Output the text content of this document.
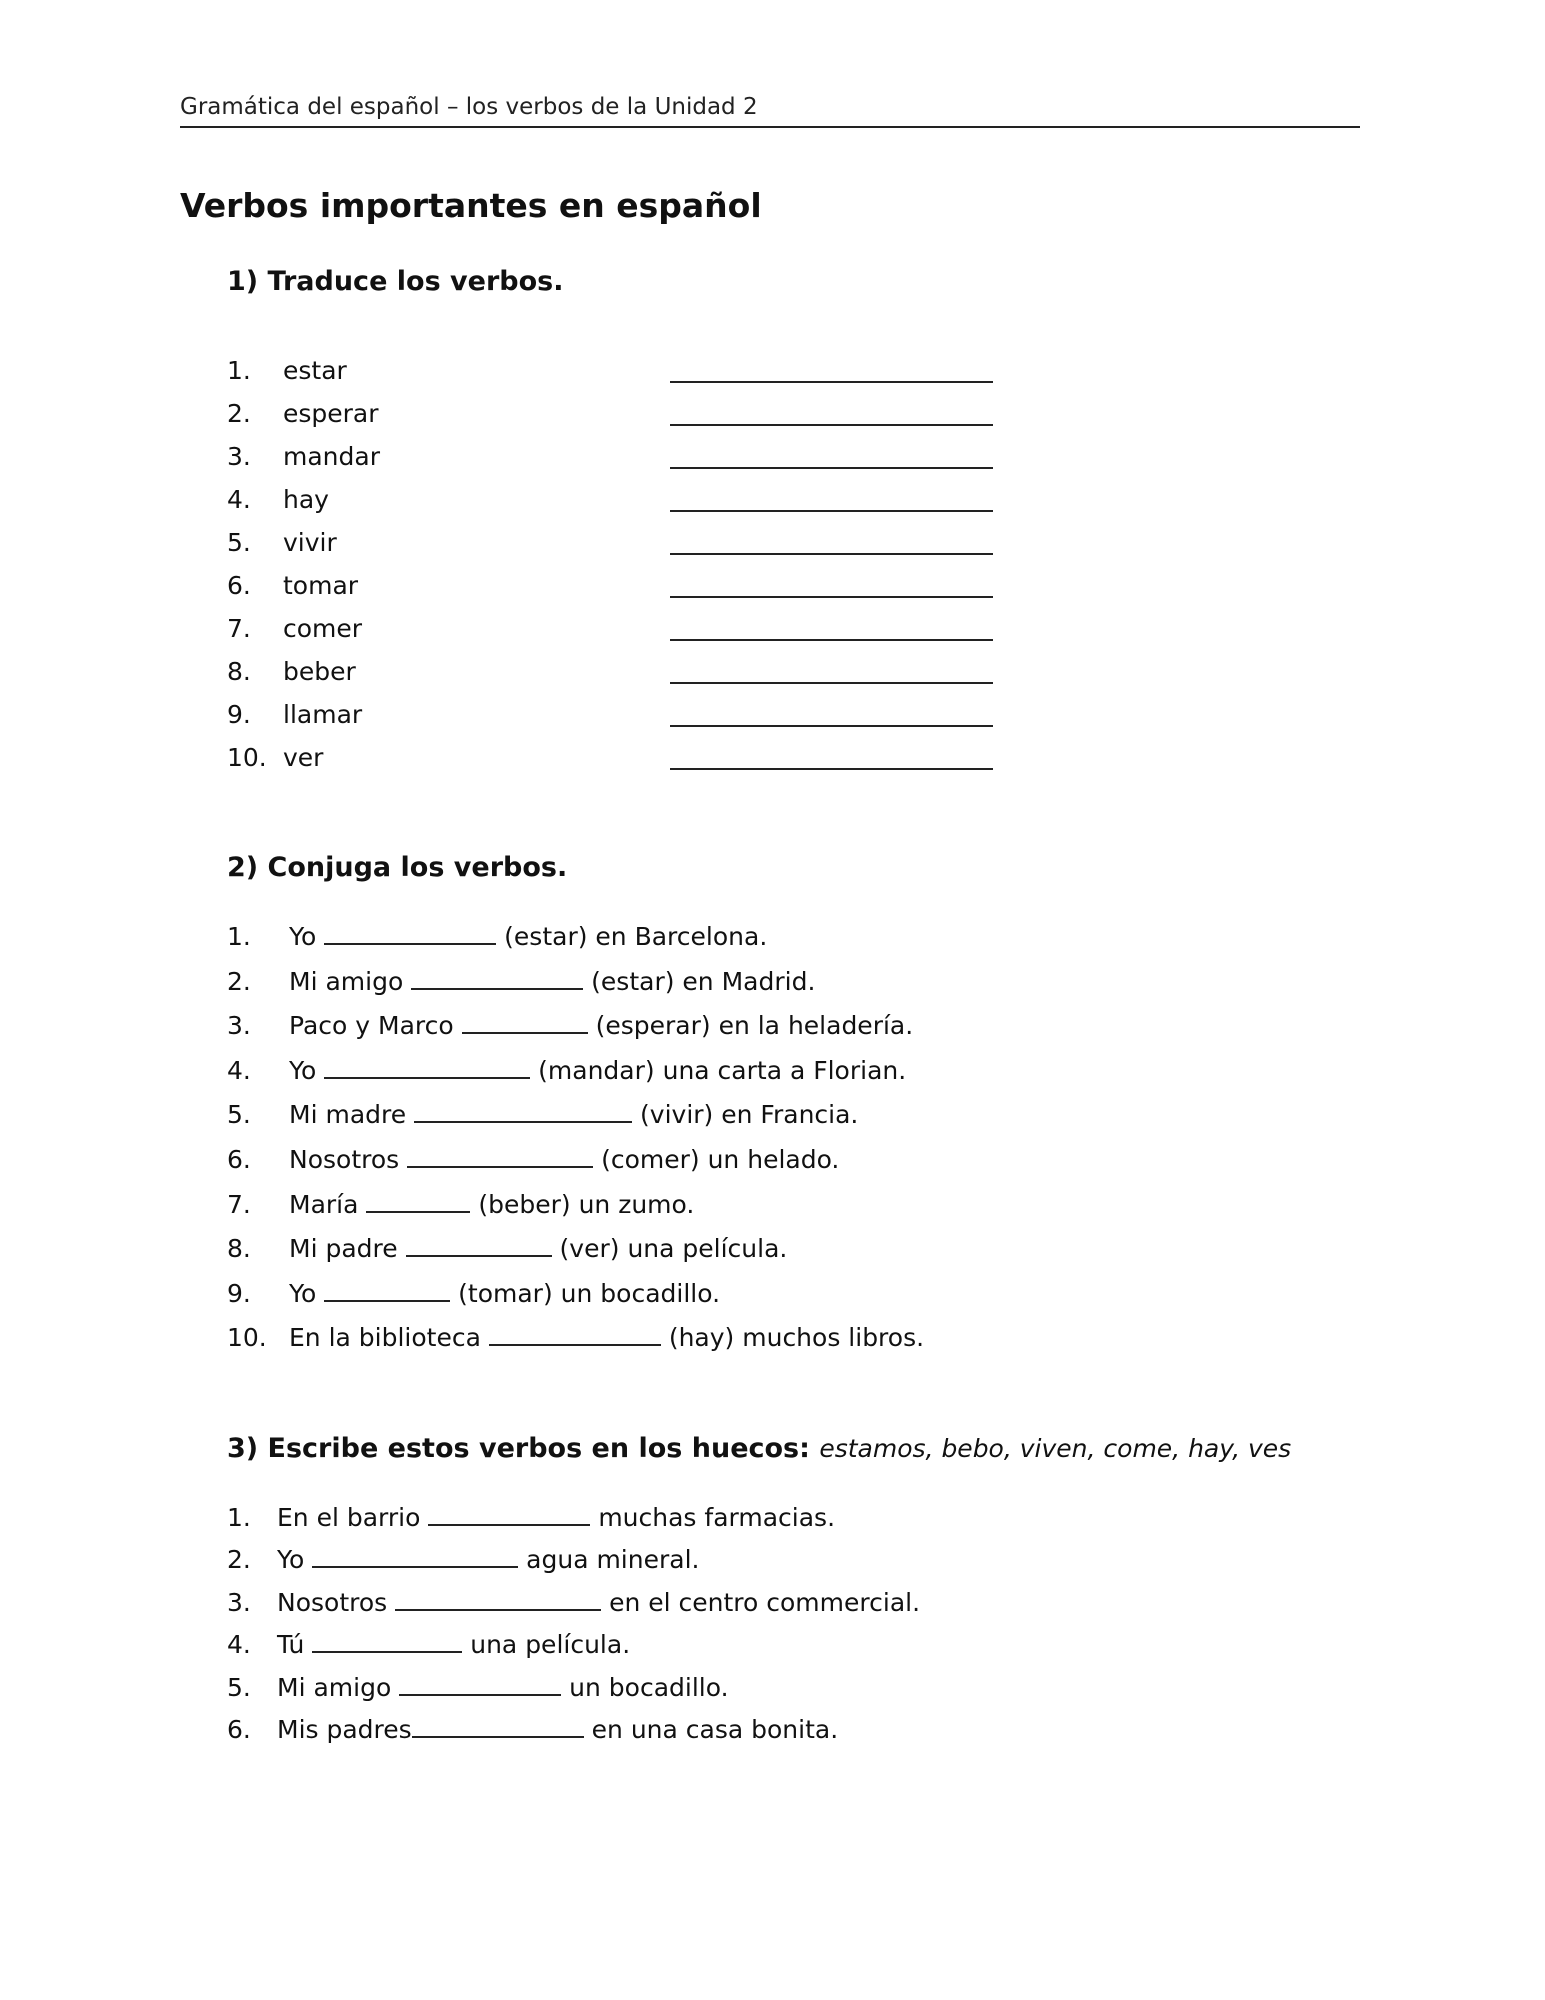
Gramática del español – los verbos de la Unidad 2
Verbos importantes en español
1) Traduce los verbos.
1. estar
2. esperar
3. mandar
4. hay
5. vivir
6. tomar
7. comer
8. beber
9. llamar
10. ver
2) Conjuga los verbos.
1. Yo	(estar) en Barcelona.
2. Mi amigo	(estar) en Madrid.
3. Paco y Marco	(esperar) en la heladería.
4. Yo	(mandar) una carta a Florian.
5. Mi madre	(vivir) en Francia.
6. Nosotros	(comer) un helado.
7. María	(beber) un zumo.
8. Mi padre	(ver) una película.
9. Yo	(tomar) un bocadillo.
10. En la biblioteca	(hay) muchos libros.
3) Escribe estos verbos en los huecos: estamos, bebo, viven, come, hay, ves
1. En el barrio	muchas farmacias.
2. Yo	agua mineral.
3. Nosotros	en el centro commercial.
4. Tú	una película.
5. Mi amigo	un bocadillo.
6. Mis padres	en una casa bonita.
